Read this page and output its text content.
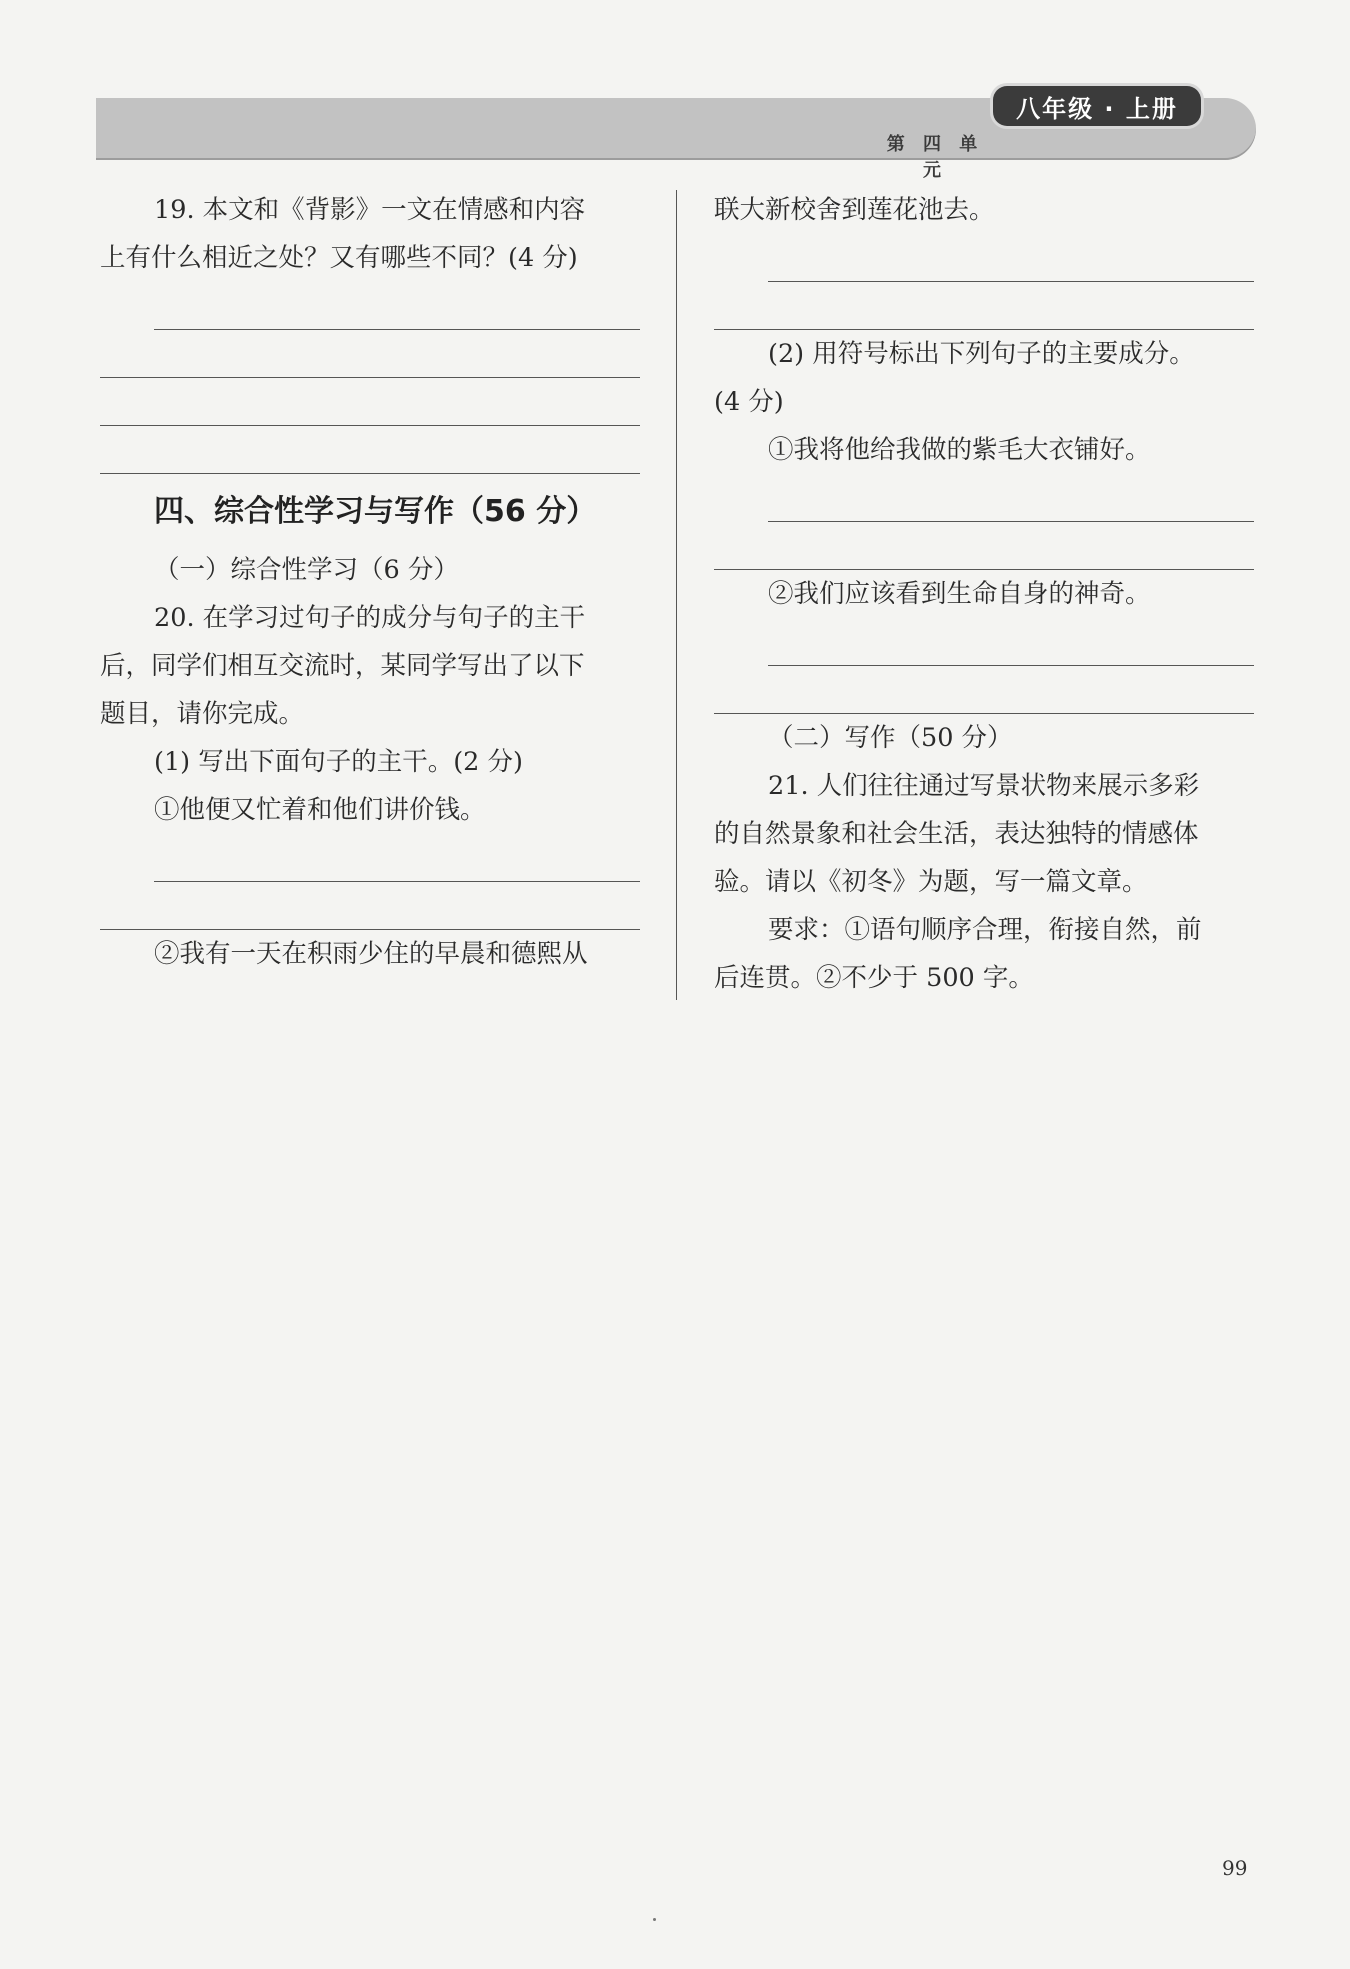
八年级 · 上册
第 四 单 元
19. 本文和《背影》一文在情感和内容
上有什么相近之处？又有哪些不同？(4 分)
四、综合性学习与写作（56 分）
（一）综合性学习（6 分）
20. 在学习过句子的成分与句子的主干
后，同学们相互交流时，某同学写出了以下
题目，请你完成。
(1) 写出下面句子的主干。(2 分)
①他便又忙着和他们讲价钱。
②我有一天在积雨少住的早晨和德熙从
联大新校舍到莲花池去。
(2) 用符号标出下列句子的主要成分。
(4 分)
①我将他给我做的紫毛大衣铺好。
②我们应该看到生命自身的神奇。
（二）写作（50 分）
21. 人们往往通过写景状物来展示多彩
的自然景象和社会生活，表达独特的情感体
验。请以《初冬》为题，写一篇文章。
要求：①语句顺序合理，衔接自然，前
后连贯。②不少于 500 字。
99
